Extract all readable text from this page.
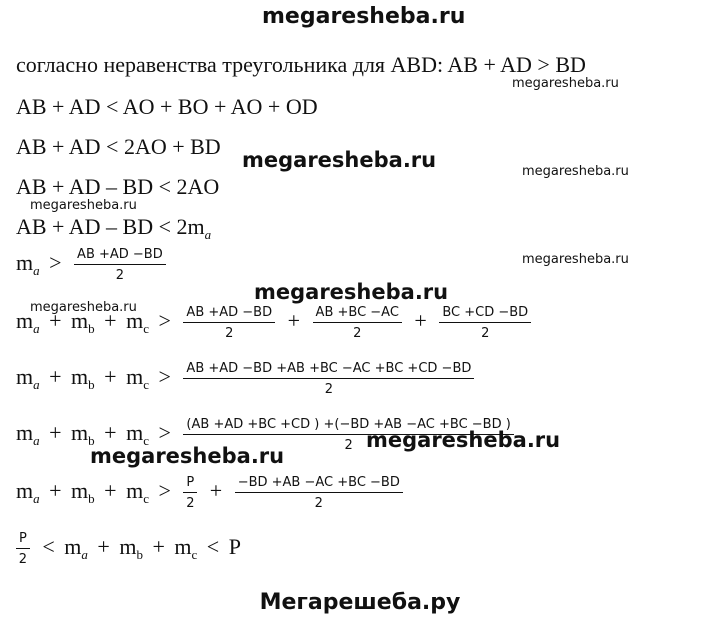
megaresheba.ru
согласно неравенства треугольника для ABD: AB + AD > BD
megaresheba.ru
AB + AD < AO + BO + AO + OD
AB + AD < 2AO + BD
megaresheba.ru	megaresheba.ru
AB + AD – BD < 2AO
megaresheba.ru
AB + AD – BD < $2m_a$
$m_a > \frac{AB +AD -BD}{2}$	megaresheba.ru
megaresheba.ru
megaresheba.ru
$m_a + m_b + m_c > \frac{AB +AD -BD}{2} + \frac{AB +BC -AC}{2} + \frac{BC +CD -BD}{2}$
$m_a + m_b + m_c > \frac{AB +AD -BD +AB +BC -AC +BC +CD -BD}{2}$
$m_a + m_b + m_c > \frac{(AB +AD +BC +CD ) +(-BD +AB -AC +BC -BD )}{2}$
megaresheba.ru
megaresheba.ru
$m_a + m_b + m_c > \frac{P}{2} + \frac{-BD +AB -AC +BC -BD}{2}$
$\frac{P}{2} < m_a + m_b + m_c < P$
Мегарешеба.ру
